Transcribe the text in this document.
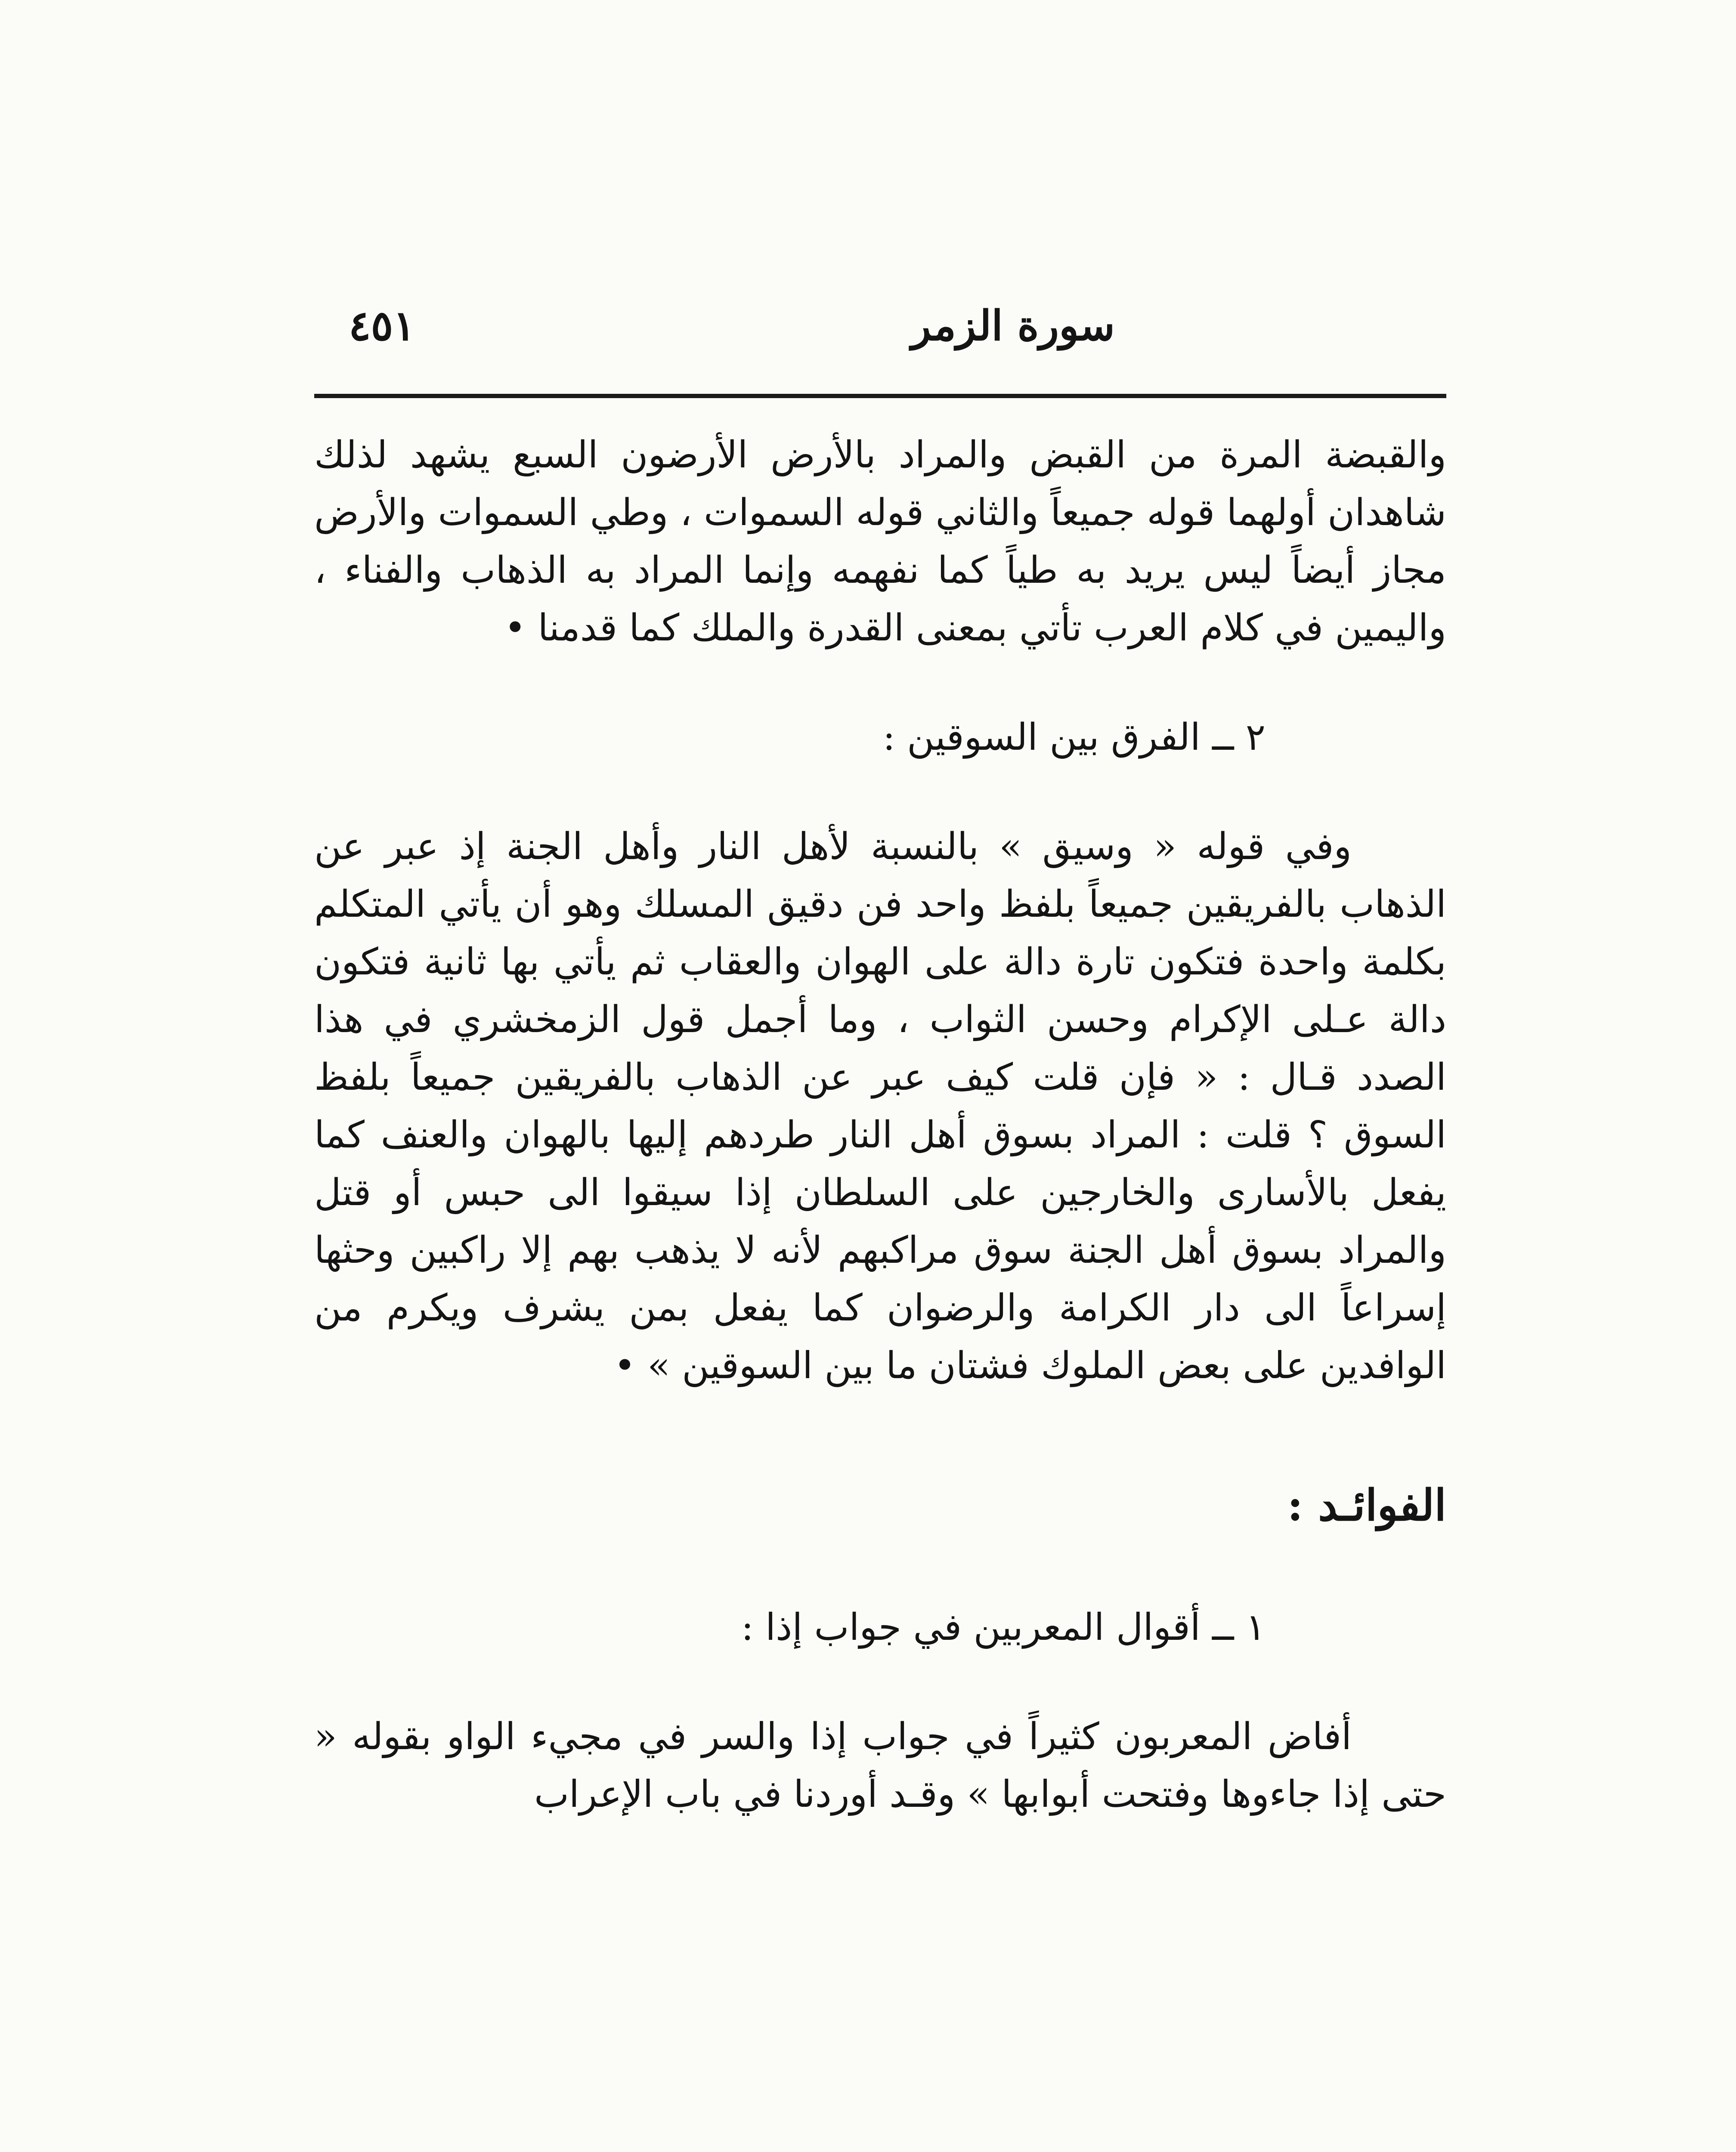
سورة الزمر
٤٥١

والقبضة المرة من القبض والمراد بالأرض الأرضون السبع يشهد لذلك شاهدان أولهما قوله جميعاً والثاني قوله السموات ، وطي السموات والأرض مجاز أيضاً ليس يريد به طياً كما نفهمه وإنما المراد به الذهاب والفناء ، واليمين في كلام العرب تأتي بمعنى القدرة والملك كما قدمنا •

٢ ــ الفرق بين السوقين :

وفي قوله « وسيق » بالنسبة لأهل النار وأهل الجنة إذ عبر عن الذهاب بالفريقين جميعاً بلفظ واحد فن دقيق المسلك وهو أن يأتي المتكلم بكلمة واحدة فتكون تارة دالة على الهوان والعقاب ثم يأتي بها ثانية فتكون دالة عـلى الإكرام وحسن الثواب ، وما أجمل قول الزمخشري في هذا الصدد قـال : « فإن قلت كيف عبر عن الذهاب بالفريقين جميعاً بلفظ السوق ؟ قلت : المراد بسوق أهل النار طردهم إليها بالهوان والعنف كما يفعل بالأسارى والخارجين على السلطان إذا سيقوا الى حبس أو قتل والمراد بسوق أهل الجنة سوق مراكبهم لأنه لا يذهب بهم إلا راكبين وحثها إسراعاً الى دار الكرامة والرضوان كما يفعل بمن يشرف ويكرم من الوافدين على بعض الملوك فشتان ما بين السوقين » •

الفوائـد :

١ ــ أقوال المعربين في جواب إذا :

أفاض المعربون كثيراً في جواب إذا والسر في مجيء الواو بقوله « حتى إذا جاءوها وفتحت أبوابها » وقـد أوردنا في باب الإعراب
